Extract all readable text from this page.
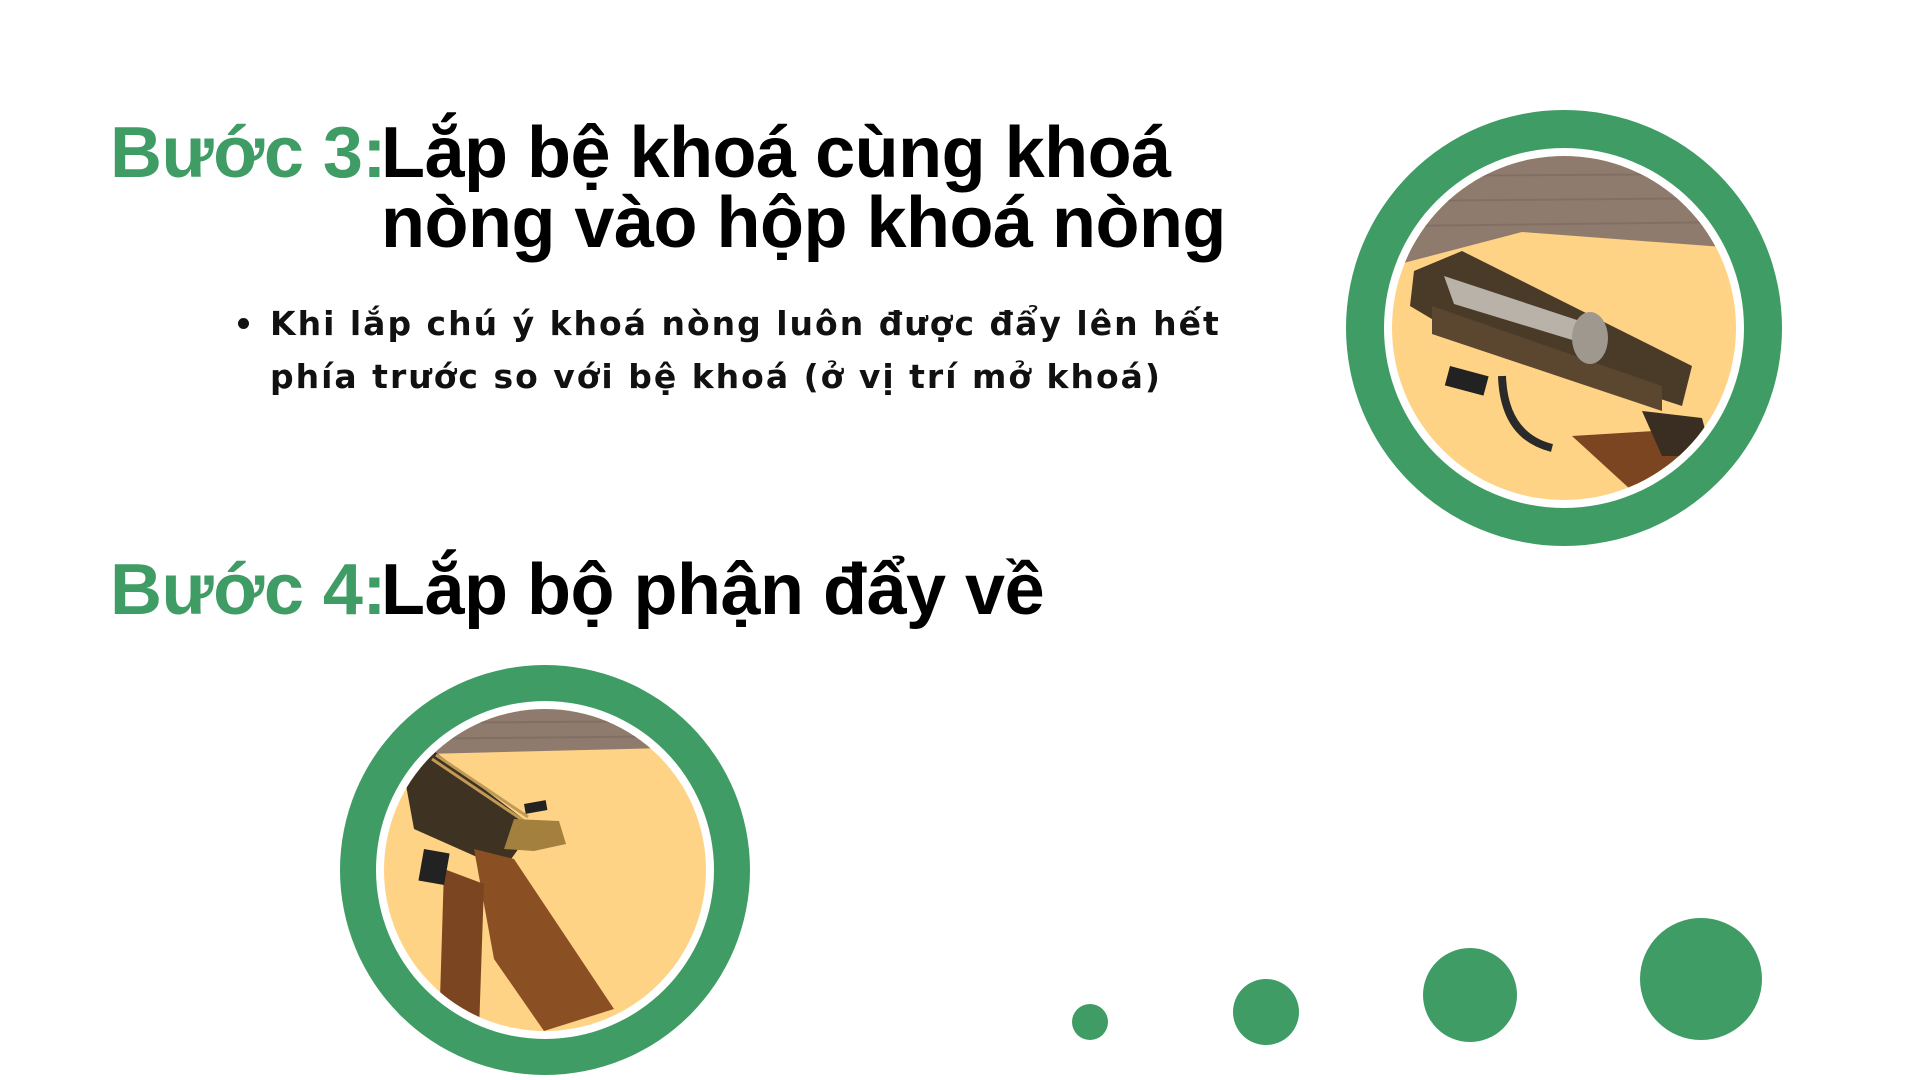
Bước 3:
Lắp bệ khoá cùng khoá
nòng vào hộp khoá nòng
Khi lắp chú ý khoá nòng luôn được đẩy lên hết phía trước so với bệ khoá (ở vị trí mở khoá)
Bước 4:
Lắp bộ phận đẩy về
